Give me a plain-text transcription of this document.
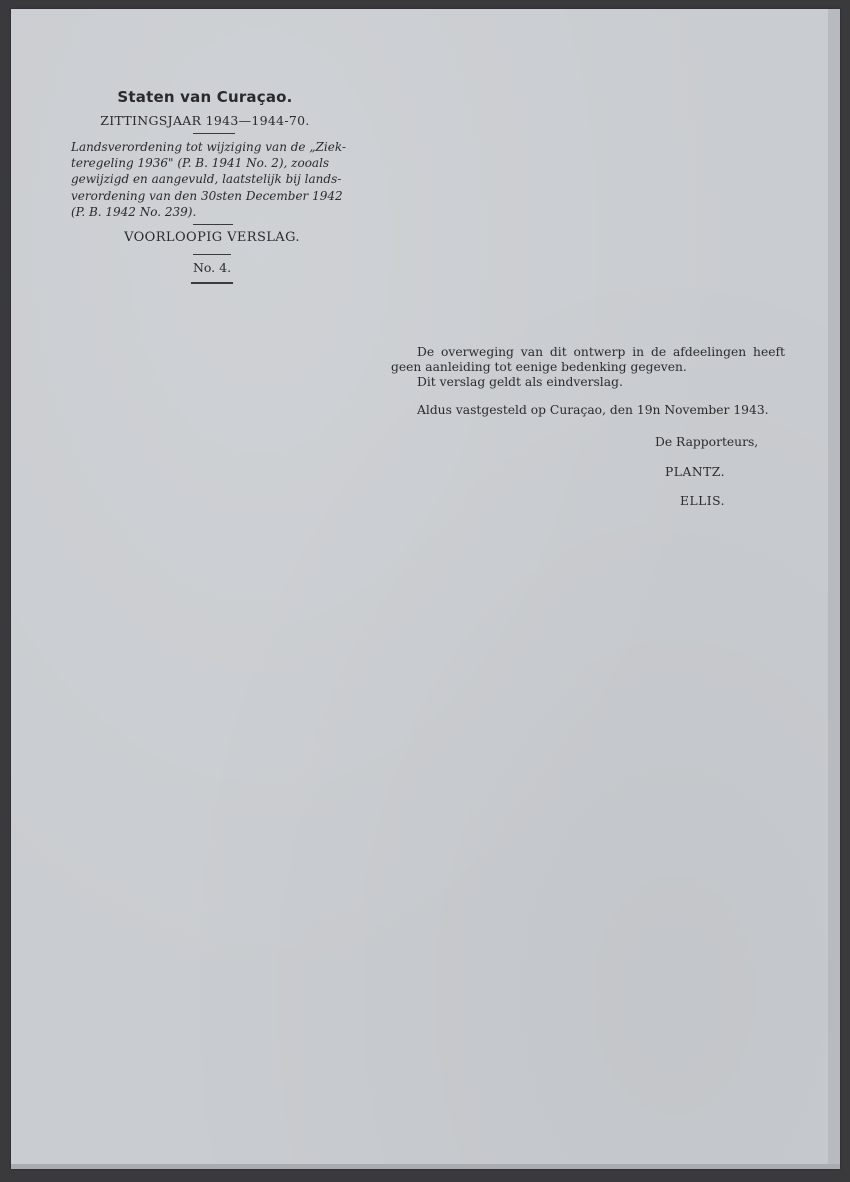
Staten van Curaçao.
ZITTINGSJAAR 1943—1944-70.
Landsverordening tot wijziging van de „Ziek-
teregeling 1936" (P. B. 1941 No. 2), zooals
gewijzigd en aangevuld, laatstelijk bij lands-
verordening van den 30sten December 1942
(P. B. 1942 No. 239).
VOORLOOPIG VERSLAG.
No. 4.
De overweging van dit ontwerp in de afdeelingen heeft
geen aanleiding tot eenige bedenking gegeven.
Dit verslag geldt als eindverslag.
Aldus vastgesteld op Curaçao, den 19n November 1943.
De Rapporteurs,
PLANTZ.
ELLIS.
